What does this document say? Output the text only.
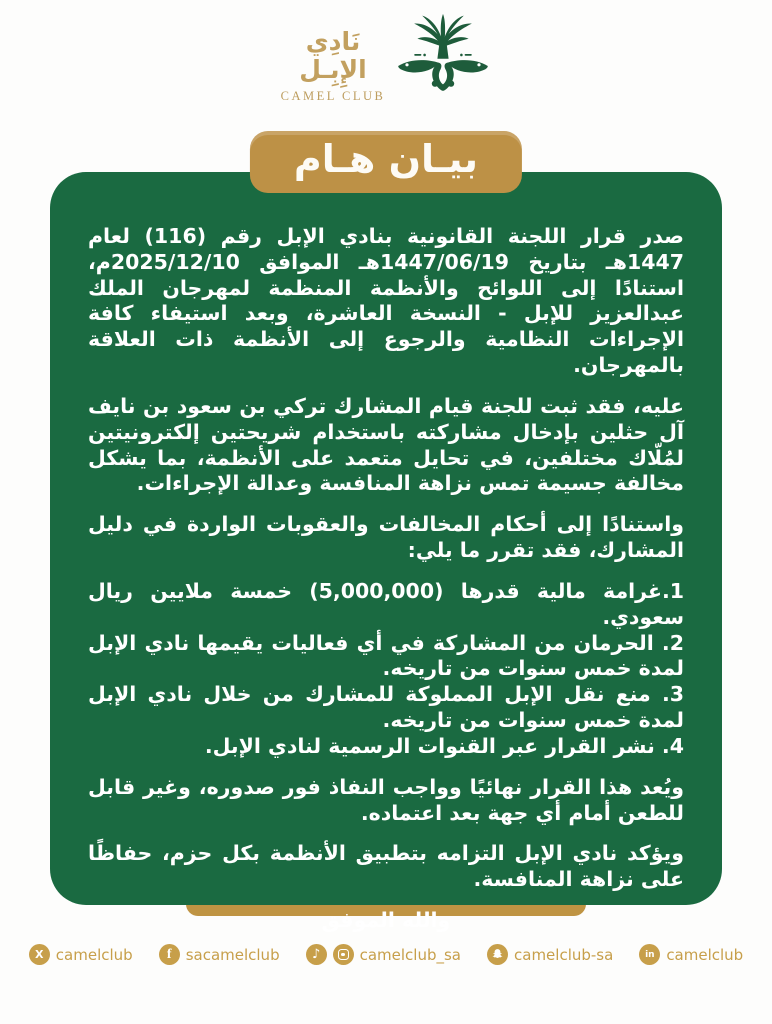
نَادِي
الإِبِـل
CAMEL CLUB
بيـان هـام

صدر قرار اللجنة القانونية بنادي الإبل رقم (116) لعام 1447هـ بتاريخ 1447/06/19هـ الموافق 2025/12/10م، استنادًا إلى اللوائح والأنظمة المنظمة لمهرجان الملك عبدالعزيز للإبل - النسخة العاشرة، وبعد استيفاء كافة الإجراءات النظامية والرجوع إلى الأنظمة ذات العلاقة بالمهرجان.

عليه، فقد ثبت للجنة قيام المشارك تركي بن سعود بن نايف آل حثلين بإدخال مشاركته باستخدام شريحتين إلكترونيتين لمُلّاك مختلفين، في تحايل متعمد على الأنظمة، بما يشكل مخالفة جسيمة تمس نزاهة المنافسة وعدالة الإجراءات.

واستنادًا إلى أحكام المخالفات والعقوبات الواردة في دليل المشارك، فقد تقرر ما يلي:

1.غرامة مالية قدرها (5,000,000) خمسة ملايين ريال سعودي.

2. الحرمان من المشاركة في أي فعاليات يقيمها نادي الإبل لمدة خمس سنوات من تاريخه.

3. منع نقل الإبل المملوكة للمشارك من خلال نادي الإبل لمدة خمس سنوات من تاريخه.

4. نشر القرار عبر القنوات الرسمية لنادي الإبل.

ويُعد هذا القرار نهائيًا وواجب النفاذ فور صدوره، وغير قابل للطعن أمام أي جهة بعد اعتماده.

ويؤكد نادي الإبل التزامه بتطبيق الأنظمة بكل حزم، حفاظًا على نزاهة المنافسة.

والله الموفق

X camelclub f sacamelclub ♪	camelclub_sa	camelclub-sa	in camelclub
